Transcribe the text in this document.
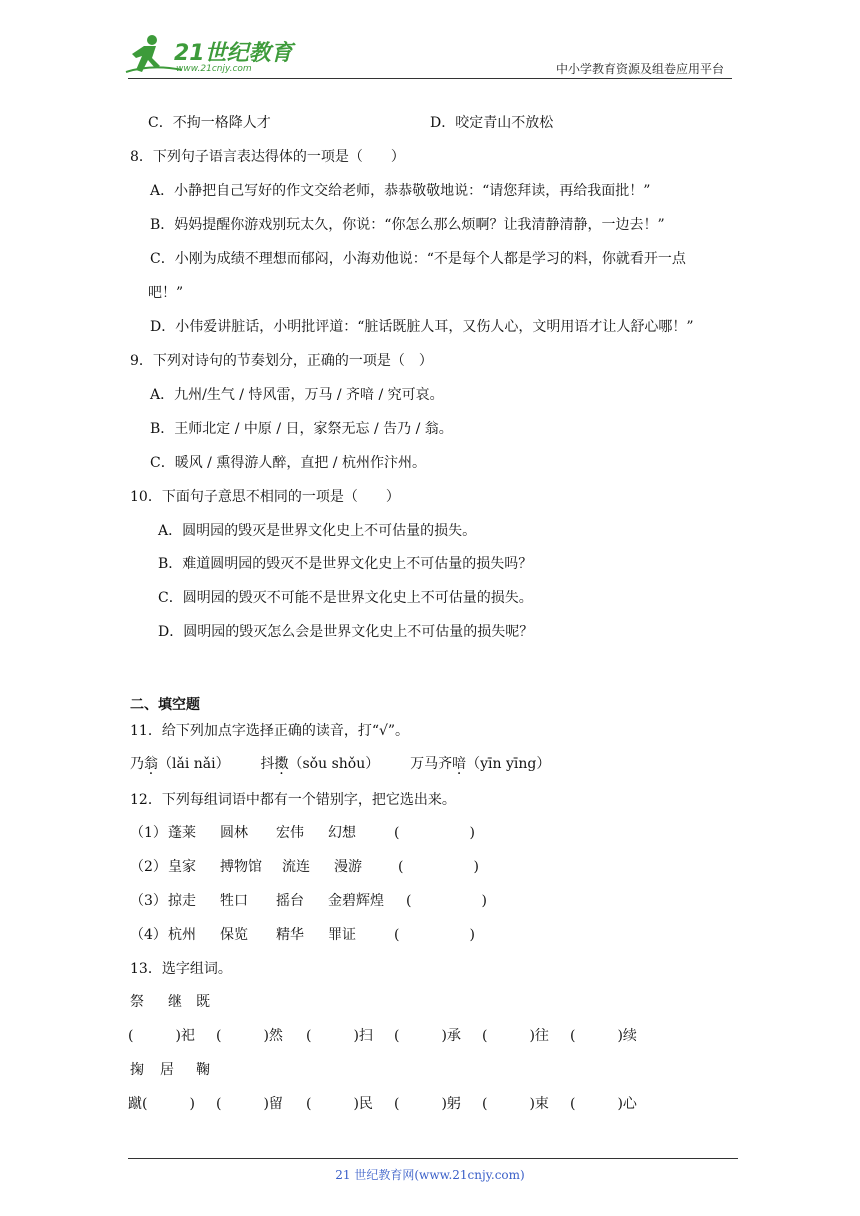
21世纪教育
www.21cnjy.com	中小学教育资源及组卷应用平台
C．不拘一格降人才	D．咬定青山不放松
8．下列句子语言表达得体的一项是（　　）
A．小静把自己写好的作文交给老师，恭恭敬敬地说：“请您拜读，再给我面批！”
B．妈妈提醒你游戏别玩太久，你说：“你怎么那么烦啊？让我清静清静，一边去！”
C．小刚为成绩不理想而郁闷，小海劝他说：“不是每个人都是学习的料，你就看开一点
吧！”
D．小伟爱讲脏话，小明批评道：“脏话既脏人耳，又伤人心，文明用语才让人舒心哪！”
9．下列对诗句的节奏划分，正确的一项是（　）
A．九州/生气 / 恃风雷，万马 / 齐喑 / 究可哀。
B．王师北定 / 中原 / 日，家祭无忘 / 告乃 / 翁。
C．暖风 / 熏得游人醉，直把 / 杭州作汴州。
10．下面句子意思不相同的一项是（　　）
A．圆明园的毁灭是世界文化史上不可估量的损失。
B．难道圆明园的毁灭不是世界文化史上不可估量的损失吗？
C．圆明园的毁灭不可能不是世界文化史上不可估量的损失。
D．圆明园的毁灭怎么会是世界文化史上不可估量的损失呢？
二、填空题
11．给下列加点字选择正确的读音，打“√”。
乃翁（lǎi nǎi） 抖擞（sǒu shǒu） 万马齐喑（yīn yīng）
12．下列每组词语中都有一个错别字，把它选出来。
（1） 蓬莱 圆林 宏伟 幻想	(　　　　　)
（2） 皇家 搏物馆 流连 漫游	(　　　　　)
（3） 掠走 牲口 摇台 金碧辉煌 (　　　　　)
（4） 杭州 保览 精华 罪证	(　　　　　)
13．选字组词。
祭 继 既
(　　　)祀 (　　　)然 (　　　)扫 (　　　)承 (　　　)往 (　　　)续
掬 居 鞠
蹴(　　　) (　　　)留 (　　　)民 (　　　)躬 (　　　)束 (　　　)心
21 世纪教育网(www.21cnjy.com)
